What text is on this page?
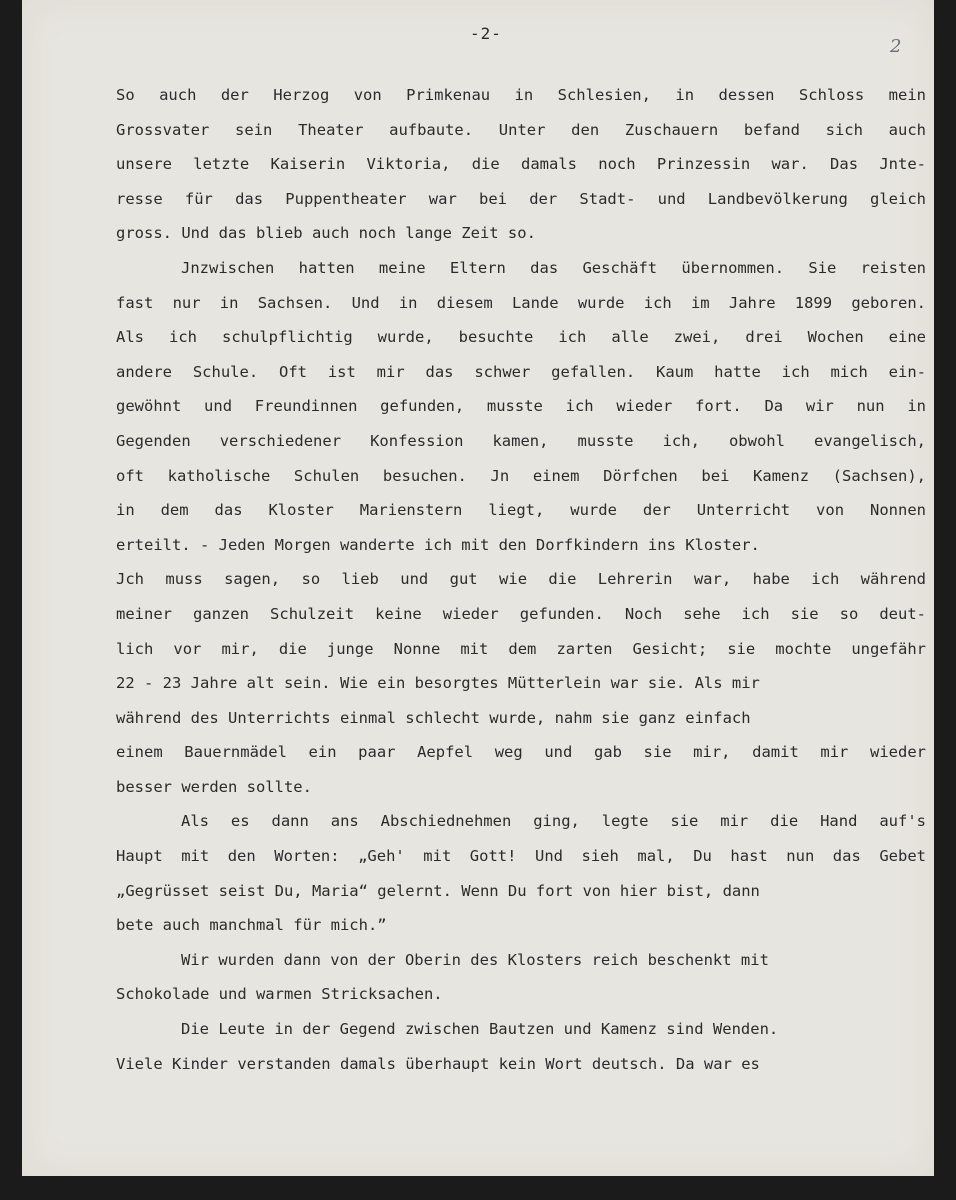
-2-
2
So auch der Herzog von Primkenau in Schlesien, in dessen Schloss mein
Grossvater sein Theater aufbaute. Unter den Zuschauern befand sich auch
unsere letzte Kaiserin Viktoria, die damals noch Prinzessin war. Das Jnte-
resse für das Puppentheater war bei der Stadt- und Landbevölkerung gleich
gross. Und das blieb auch noch lange Zeit so.
Jnzwischen hatten meine Eltern das Geschäft übernommen. Sie reisten
fast nur in Sachsen. Und in diesem Lande wurde ich im Jahre 1899 geboren.
Als ich schulpflichtig wurde, besuchte ich alle zwei, drei Wochen eine
andere Schule. Oft ist mir das schwer gefallen. Kaum hatte ich mich ein-
gewöhnt und Freundinnen gefunden, musste ich wieder fort. Da wir nun in
Gegenden verschiedener Konfession kamen, musste ich, obwohl evangelisch,
oft katholische Schulen besuchen. Jn einem Dörfchen bei Kamenz (Sachsen),
in dem das Kloster Marienstern liegt, wurde der Unterricht von Nonnen
erteilt. - Jeden Morgen wanderte ich mit den Dorfkindern ins Kloster.
Jch muss sagen, so lieb und gut wie die Lehrerin war, habe ich während
meiner ganzen Schulzeit keine wieder gefunden. Noch sehe ich sie so deut-
lich vor mir, die junge Nonne mit dem zarten Gesicht; sie mochte ungefähr
22 - 23 Jahre alt sein. Wie ein besorgtes Mütterlein war sie. Als mir
während des Unterrichts einmal schlecht wurde, nahm sie ganz einfach
einem Bauernmädel ein paar Aepfel weg und gab sie mir, damit mir wieder
besser werden sollte.
Als es dann ans Abschiednehmen ging, legte sie mir die Hand auf's
Haupt mit den Worten: „Geh' mit Gott! Und sieh mal, Du hast nun das Gebet
„Gegrüsset seist Du, Maria“ gelernt. Wenn Du fort von hier bist, dann
bete auch manchmal für mich.”
Wir wurden dann von der Oberin des Klosters reich beschenkt mit
Schokolade und warmen Stricksachen.
Die Leute in der Gegend zwischen Bautzen und Kamenz sind Wenden.
Viele Kinder verstanden damals überhaupt kein Wort deutsch. Da war es
